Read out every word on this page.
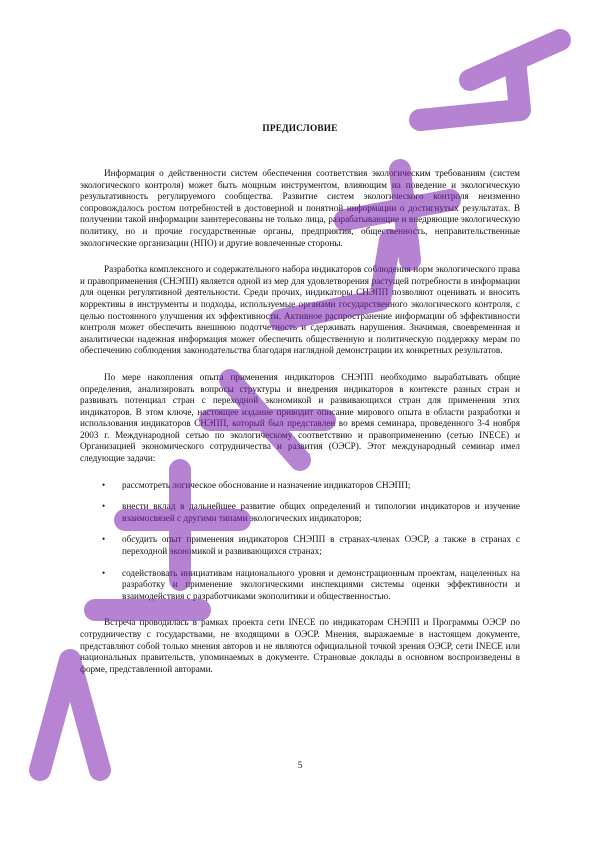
ПРЕДИСЛОВИЕ

Информация о действенности систем обеспечения соответствия экологическим требованиям (систем экологического контроля) может быть мощным инструментом, влияющим на поведение и экологическую результативность регулируемого сообщества. Развитие систем экологического контроля неизменно сопровождалось ростом потребностей в достоверной и понятной информации о достигнутых результатах. В получении такой информации заинтересованы не только лица, разрабатывающие и внедряющие экологическую политику, но и прочие государственные органы, предприятия, общественность, неправительственные экологические организации (НПО) и другие вовлеченные стороны.

Разработка комплексного и содержательного набора индикаторов соблюдения норм экологического права и правоприменения (СНЭПП) является одной из мер для удовлетворения растущей потребности в информации для оценки регулятивной деятельности. Среди прочих, индикаторы СНЭПП позволяют оценивать и вносить коррективы в инструменты и подходы, используемые органами государственного экологического контроля, с целью постоянного улучшения их эффективности. Активное распространение информации об эффективности контроля может обеспечить внешнюю подотчетность и сдерживать нарушения. Значимая, своевременная и аналитически надежная информация может обеспечить общественную и политическую поддержку мерам по обеспечению соблюдения законодательства благодаря наглядной демонстрации их конкретных результатов.

По мере накопления опыта применения индикаторов СНЭПП необходимо вырабатывать общие определения, анализировать вопросы структуры и внедрения индикаторов в контексте разных стран и развивать потенциал стран с переходной экономикой и развивающихся стран для применения этих индикаторов. В этом ключе, настоящее издание приводит описание мирового опыта в области разработки и использования индикаторов СНЭПП, который был представлен во время семинара, проведенного 3-4 ноября 2003 г. Международной сетью по экологическому соответствию и правоприменению (сетью INECE) и Организацией экономического сотрудничества и развития (ОЭСР). Этот международный семинар имел следующие задачи:

• рассмотреть логическое обоснование и назначение индикаторов СНЭПП;
• внести вклад в дальнейшее развитие общих определений и типологии индикаторов и изучение взаимосвязей с другими типами экологических индикаторов;
• обсудить опыт применения индикаторов СНЭПП в странах-членах ОЭСР, а также в странах с переходной экономикой и развивающихся странах;
• содействовать инициативам национального уровня и демонстрационным проектам, нацеленных на разработку и применение экологическими инспекциями системы оценки эффективности и взаимодействия с разработчиками экополитики и общественностью.

Встреча проводилась в рамках проекта сети INECE по индикаторам СНЭПП и Программы ОЭСР по сотрудничеству с государствами, не входящими в ОЭСР. Мнения, выражаемые в настоящем документе, представляют собой только мнения авторов и не являются официальной точкой зрения ОЭСР, сети INECE или национальных правительств, упоминаемых в документе. Страновые доклады в основном воспроизведены в форме, представленной авторами.

5
